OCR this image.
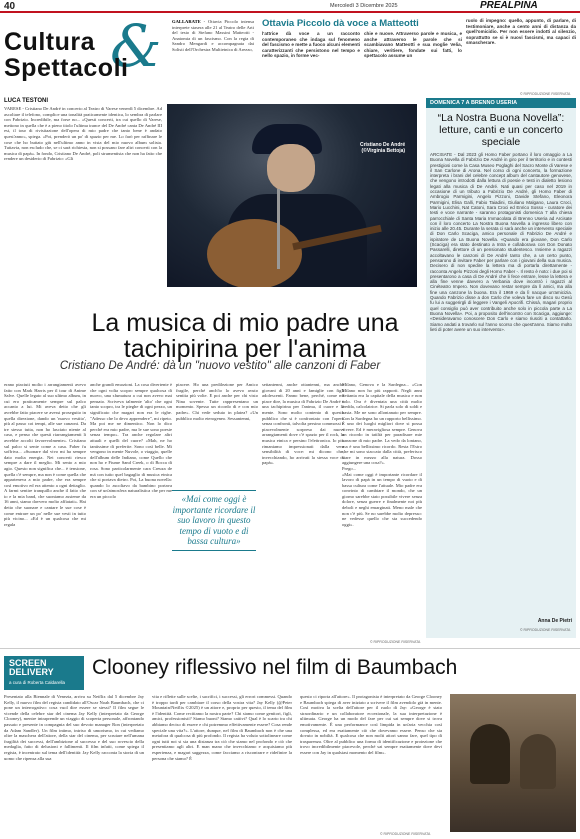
40	Mercoledì 3 Dicembre 2025	PREALPINA
Cultura &
Spettacoli
GALLARATE - Ottavia Piccolo intensa interprete stasera alle 21 al Teatro delle Arti del testo di Stefano Massini Matteotti - Anatomia di un fascismo. Con la regia di Sandro Mengardi e accompagnata dai Solisti dell'Orchestra Multietnica di Arezzo,
Ottavia Piccolo dà voce a Matteotti
l'attrice dà voce a un racconto contemporaneo che indaga sul fenomeno del fascismo e mette a fuoco alcuni elementi caratterizzanti che persistono nel tempo e nello spazio, in forme vec-
chie e nuove. Attraverso parole e musica, e anche attraverso le parole che si scambiavano Matteotti e sua moglie Velia, chiare, veritiere, fondate sui fatti, lo spettacolo assume un
ruolo di impegno: quello, appunto, di parlare, di testimoniare, anche a cento anni di distanza da quell'omicidio. Per non essere indotti al silenzio, soprattutto se si è nuovi fascismi, ma capaci di smascherare.
© RIPRODUZIONE RISERVATA
LUCA TESTONI
VARESE - Cristiano De André in concerto al Teatro di Varese venerdì 5 dicembre. Ad ascoltare il telefono, complice una tonalità praticamente identica, lo sembra di parlare con Fabrizio. Incredibile, ma forse no... «Questi concerti, tra cui quello di Varese, mettono in quella che è a pieno titolo l'ultima trance del De André canta De André III est, il tour di rivisitazione dell'opera di mio padre che tanto bene è andato quest'anno», spiega. «Poi, prenderò un po' di spazio per me. Lo farò per raffinare le cose che ho buttato giù nell'ultimo anno in vista del mio nuovo album solista. Tuttavia, non escludo che, se ci sarà richiesta, non si possano fare altri concerti con la musica di papà». In fondo, Cristiano De André, poli strumentista che non ha fatto che rendere un desiderio di Fabrizio: «Gli
Cristiano De André
(©Virginia Bettoja)
La musica di mio padre una tachipirina per l'anima
Cristiano De André: dà un "nuovo vestito" alle canzoni di Faber
erano piaciuti molto i arrangiamenti avevo fatto con Mark Harris per il tour di Anime Salve. Quelle legato al suo ultimo album, in cui ero praticamente sempre sul palco accanto a lui. Mi aveva detto che gli avrebbe fatto piacere se avessi proseguito in quella direzione, dando un 'nuovo vestito', più al passo coi tempi, alle sue canzoni. Da tre stesso tutta, non ho lasciato niente al caso, e penso che questi riarrangiamenti li avrebbe accolti favorevolmente». Cristiano sul palco si sente come a casa. Faber fu soffriva... «Suonare dal vivo mi ha sempre dato molta energia. Nei concerti riesco sempre a dare il meglio. Mi sento a mio agio. Questo non significa che... è tensione, quella c'è sempre, ma non è come quella che apparteneva a mio padre, che era sempre così emotivo ed era attento a ogni dettaglio. A farmi sentire tranquillo anche il fatto che io e la mia band, che suoniamo assieme da 16 anni, siamo davvero molto affiatati». Hai detto che suonare e cantare le sue cose è come entrare un po' nelle sue vesti in tutto più vicino... «Ed è un qualcosa che mi regala
anche grandi emozioni. La cosa divertente è che ogni volta scopro sempre qualcosa di nuovo, una sfumatura a cui non avevo mai pensato. Scriveva talmente 'alto' che ogni tanto scopro, tra le pieghe di ogni pezzo, un significato che magari non era le righe. "Adesso che lo devo apprendere", mi ripeto. Ma poi me ne dimentico. Non lo dico perché era mio padre, ma le sue sono poesie senza tempo». Tra anche regolare altri attuali e quelli del cuore? «Mah, ne ho tantissime di preferite. Sono così belle. Mi vengono in mente Nuvole, o viaggio, quelle dell'album delle Indiano, come Quello che non ho e Fiume Sand Creek, o di Bocca di rosa. Sono particolarmente cara Creuza de mä con tutto quel bagaglio di musica etnica che si portava dietro. Poi, La buona novella: quando lo ascoltavo da bambino portava con sé un'atmosfera naturalistica che per me era un piccolo
piacere. Ho una predilezione per Amico fragile, perché anch'io lo avevo avuto sentita più volte. E poi anche per chi visto Nina sovente. Tutte rappresentano un momento. Spesso un ricordo di e con mio padre». Chi vede seduto in platea? «Un pubblico molto eterogeneo. Sessantenni,
«Mai come oggi è importante ricordare il suo lavoro in questo tempo di vuoto e di bassa cultura»
settantenni, anche ottantenni, ma anche giovani di 20 anni e famiglie con figli adolescenti. Fanno bene, perché, come mi piace dire, la musica di Fabrizio De André è una tachipirina per l'anima, il cuore e la mente. Sono molto contento di questo pubblico che si è confrontato con l'opera senza confronti, talvolta persino commossi e piacevolmente sorpreso dai nuovi arrangiamenti dove c'è spazio per il rock, la musica etnica e persino l'elettronica. Io più rimaniamo impressionati dalla vera sensibilità di voce: mi dicono che, invecchiando, ho arrivati la stessa voce di papà».
Milano, Genova e la Sardegna... «Con Milano non ho più rapporti. Negli anni Settanta era la capitale della musica e non solo. Ora è diventata una città molto fredda, calcolatrice. Si parla solo di soldi e basta. Me ne sono allontanato per sempre. Con la Sardegna ho un rapporto bellissimo. È uno dei luoghi migliori dove si possa vivere. Ed è meravigliosa sempre. Genova un ricordo in tatiltà per paradisare mie canzone di mio padre. La vedo da lontano, ma è una bellissimo ricordo. Resta l'Estro che mi sono staccato dalla città, preferisco stare in mezzo alla natura. Dosso aggiungere una cosa?».
Prego...
«Mai come oggi è importante ricordare il lavoro di papà in un tempo di vuoto e di bassa cultura come l'attuale. Mio padre era convinto di cambiare il mondo, che un giorno sarebbe stato possibile vivere senza dolore, senza guerre e finalmente noi più deboli e neghi emarginati. Meno male che non c'è più. Se no sarebbe molto depresso: ne vedesse quello che sta succedendo oggi».
© RIPRODUZIONE RISERVATA
DOMENICA 7 A BRENNO USERIA
“La Nostra Buona Novella”: letture, canti e un concerto speciale
ARCISATE - Dal 2023 gli Homo Faber portano il loro omaggio a La Buona Novella di Fabrizio De André in giro per il territorio e in contesti prestigiosi come la Casa Museo Poglaghi del Sacro Monte di Varese e il San Carlone di Arona. Nel corso di ogni concerto, la formazione interpreta i brani del celebre concept album del cantautore genovese, che vengono introdotti dalla lettura di poesie e testi in dialetto lesiono legati alla musica di De André. Nati quasi per caso nel 2019 in occasione di un tributo a Fabrizio De André, gli Homo Faber di Ambrogio Parmigini, Angelo Pizzoni, Davide Stefano, Eleonora Parmigini, Elisa Galli, Fabio Taiadini, Giuliano Malgano, Laura Croci, Mario Lucchini, Nat Catoni, Sara Croci ed Enrico Sosso - curatore dei testi e voce narrante - saranno protagonisti domenica 7 alla chiesa parrocchiale di Santa Maria Immacolata di Brenno Useria ad Arcisate con il loro concerto La Nostra Buona Novella a ingresso libero con inizio alle 20.45. Durante la serata ci sarà anche un intervento speciale di Don Carlo Scaciga, amico personale di Fabrizio De André e ispiratore de La Buona Novella. «Quando era giovane, Don Carlo (Scaciga) era stato destinato a Intra e collaborava con Don Donato Passarelli, direttore di un pensionato studentesco. Insieme a ragazzi accoltavano le canzoni di De André tanto che, a un certo punto, pensarono di invitare Faber per parlare con i giovani della sua musica. Decisero di non spedire la lettera ma di portarla direttamente - racconta Angelo Pizzoni degli Homo Faber -. Il resto è noto: i due poi si presentarono a casa di De André che li fece entrare, lesse la lettera e alla fine venne davvero a Verbania dove incontrò i ragazzi al Cinéteatro Impero. Non dovevano restar sempre da lì amici, ma alla fine una canzone la buona. Era il 1969 e da lì nacque un'amicizia. Quando Fabrizio disse a don Carlo che voleva fare un disco su Gesù fu lui a suggerirgli di leggere i Vangeli Apocrifi. Chissà, magari proprio quel consiglio può aver contribuito anche solo in piccola parte a La Buona Novella». Poi, a proposito dell'incontro con Scaciga, aggiunge: «Desideravamo conoscere Don Carlo e siamo riusciti a contattarlo. Siamo andati a trovarlo sul l'anno scorso che quest'anno. Siamo molto lieti di poter avere un suo intervento».
Anna De Pietri
© RIPRODUZIONE RISERVATA
SCREEN
DELIVERY
a cura di Roberta Caldarella
Clooney riflessivo nel film di Baumbach
Presentato alla Biennale di Venezia, arriva su Netflix dal 5 dicembre Jay Kelly, il nuovo film del regista candidato all'Oscar Noah Baumbach, che ci pone un interrogativo: cosa vuol dire essere se stessi? Il film segue le vicende della celebre star del cinema Jay Kelly (interpretato da George Clooney), mentre intraprende un viaggio di scoperta personale, affrontando passato e presente in compagnia del suo devoto manager Ron (interpretato da Adam Sandler). Un film intimo, intriso di umorismo, in cui vediamo oltre la maschera dell'attore, della star del cinema, per scrutare nell'umana fragilità dei successi, dell'ambizione al successo e del suo rovescio della medaglia, fatto di delusioni e fallimenti. Il film infatti, come spiega il regista, è incentrato sul tema dell'identità: Jay Kelly racconta la storia di un uomo che ripensa alla sua
vita e riflette sulle scelte, i sacrifici, i successi, gli errori commessi. Quando è troppo tardi per cambiare il corso della vostra vita? Jay Kelly (@Peter Mountain/Netflix ©2025) è un attore e, proprio per questo, il tema del film è l'identità. Come recitiamo la nostra parte? Chi siamo come genitori, figli, amici, professionisti? Siamo buoni? Siamo cattivi? Qual è lo scarto tra chi abbiamo deciso di essere e chi potremmo effettivamente essere? Cosa rende speciale una vita?». L'attore, dunque, nel film di Baumbach non è che una metafora di qualcosa di più profondo. Il regista ha voluto sottolineare come ogni tutti noi si sia una distanza tra ciò che siamo nel profondo e ciò che presentiamo agli altri. E man mano che invecchiamo e acquisiamo più esperienza, e magari saggezza, come facciamo a riscontrare e ridefinire la persona che siamo? È
questo ci riporta all'attore». Il protagonista è interpretato da George Clooney e Baumbach spiega di aver iniziato a scrivere il film avendolo già in mente. Così motiva la scelta dell'attore per il ruolo di Jay: «George è stato straordinario e un collaboratore eccezionale, la sua interpretazione è ultimata. George ha un modo del fare per cui sai sempre dove si trova emotivamente. È una performance così limpida in un'aria vecchia così complessa, ed era esattamente ciò che dovevamo essere. Penso che sia dovuto in nobiltà. E qualcosa che non molti attori sanno fare, quel tipo di trasparenza. Oltre al pubblico una forma di identificazione e proiezione che trovo incredibilmente piacevole, perché sai sempre esattamente dove devi essere con Jay in qualsiasi momento del film».
© RIPRODUZIONE RISERVATA
